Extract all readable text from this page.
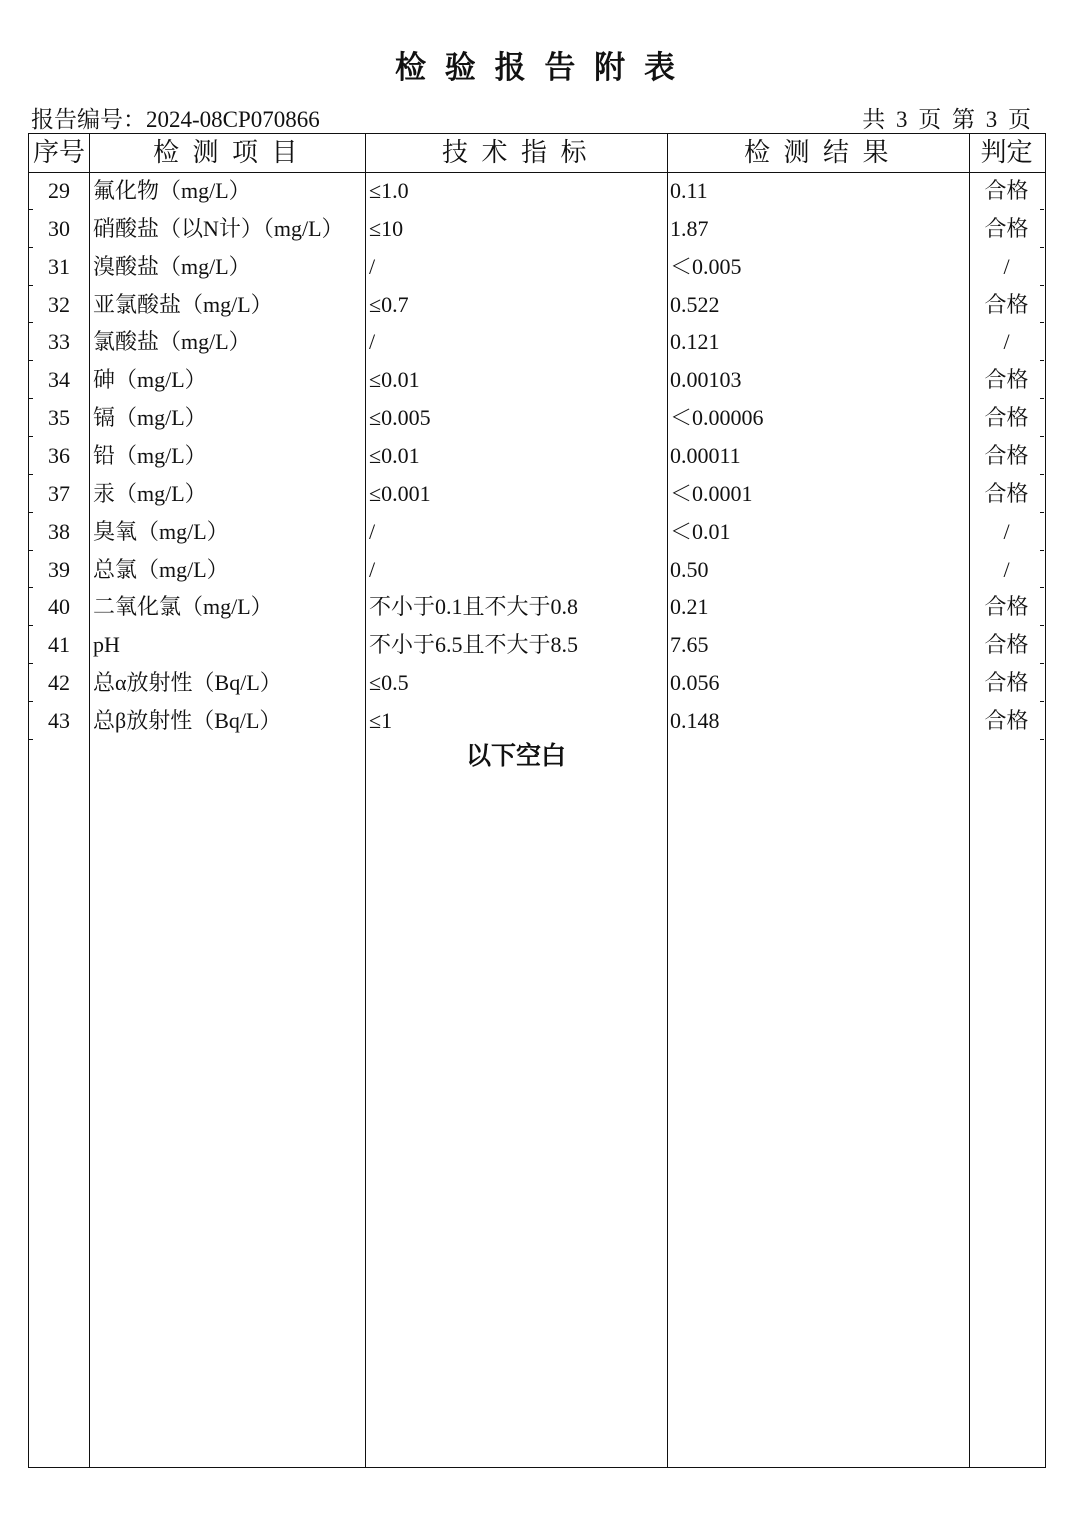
检 验 报 告 附 表
报告编号：2024-08CP070866	共 3 页 第 3 页
序号	检 测 项 目	技 术 指 标	检 测 结 果	判定
29	氟化物（mg/L）	≤1.0	0.11	合格
30	硝酸盐（以N计）（mg/L）	≤10	1.87	合格
31	溴酸盐（mg/L）	/	＜0.005	/
32	亚氯酸盐（mg/L）	≤0.7	0.522	合格
33	氯酸盐（mg/L）	/	0.121	/
34	砷（mg/L）	≤0.01	0.00103	合格
35	镉（mg/L）	≤0.005	＜0.00006	合格
36	铅（mg/L）	≤0.01	0.00011	合格
37	汞（mg/L）	≤0.001	＜0.0001	合格
38	臭氧（mg/L）	/	＜0.01	/
39	总氯（mg/L）	/	0.50	/
40	二氧化氯（mg/L）	不小于0.1且不大于0.8	0.21	合格
41	pH	不小于6.5且不大于8.5	7.65	合格
42	总α放射性（Bq/L）	≤0.5	0.056	合格
43	总β放射性（Bq/L）	≤1	0.148	合格
以下空白
